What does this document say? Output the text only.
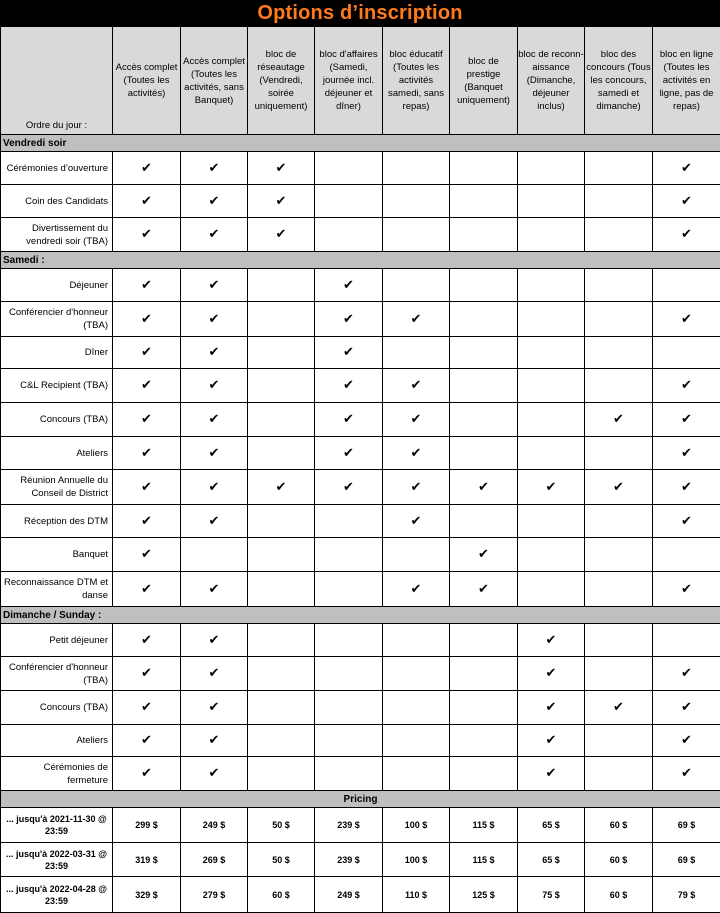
Options d’inscription
Ordre du jour :	Accès complet (Toutes les activités)	Accès complet (Toutes les activités, sans Banquet)	bloc de réseautage (Vendredi, soirée uniquement)	bloc d'affaires (Samedi, journée incl. déjeuner et dîner)	bloc éducatif (Toutes les activités samedi, sans repas)	bloc de prestige (Banquet uniquement)	bloc de reconn-aissance (Dimanche, déjeuner inclus)	bloc des concours (Tous les concours, samedi et dimanche)	bloc en ligne (Toutes les activités en ligne, pas de repas)
Vendredi soir									
Cérémonies d’ouverture	✔	✔	✔						✔
Coin des Candidats	✔	✔	✔						✔
Divertissement du vendredi soir (TBA)	✔	✔	✔						✔
Samedi :									
Déjeuner	✔	✔		✔					
Conférencier d'honneur (TBA)	✔	✔		✔	✔				✔
Dîner	✔	✔		✔					
C&L Recipient (TBA)	✔	✔		✔	✔				✔
Concours (TBA)	✔	✔		✔	✔			✔	✔
Ateliers	✔	✔		✔	✔				✔
Réunion Annuelle du Conseil de District	✔	✔	✔	✔	✔	✔	✔	✔	✔
Réception des DTM	✔	✔			✔				✔
Banquet	✔					✔			
Reconnaissance DTM et danse	✔	✔			✔	✔			✔
Dimanche / Sunday :									
Petit déjeuner	✔	✔					✔		
Conférencier d'honneur (TBA)	✔	✔					✔		✔
Concours (TBA)	✔	✔					✔	✔	✔
Ateliers	✔	✔					✔		✔
Cérémonies de fermeture	✔	✔					✔		✔
Pricing									
... jusqu'à 2021-11-30 @ 23:59	299 $	249 $	50 $	239 $	100 $	115 $	65 $	60 $	69 $
... jusqu'à 2022-03-31 @ 23:59	319 $	269 $	50 $	239 $	100 $	115 $	65 $	60 $	69 $
... jusqu'à 2022-04-28 @ 23:59	329 $	279 $	60 $	249 $	110 $	125 $	75 $	60 $	79 $
